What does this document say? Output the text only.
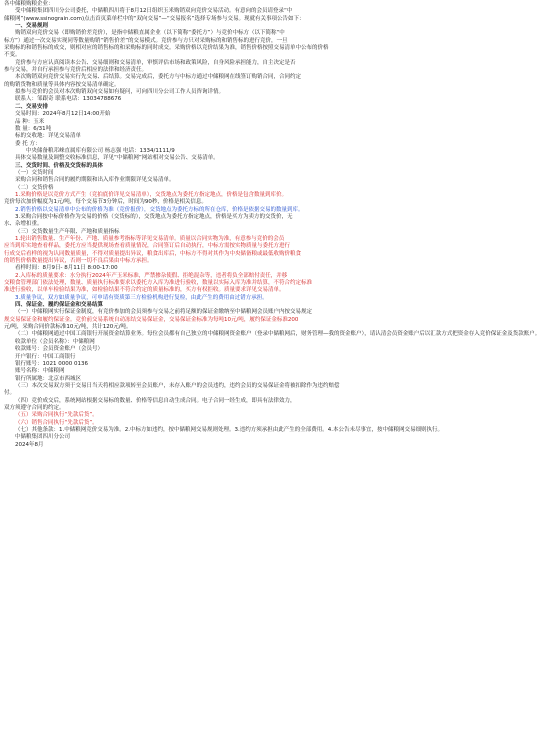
各中储粮购粮企业：

受中储粮集团四川分公司委托，中储粮四川将于8月12日组织玉米购销双向竞价交易活动。有意向的会员请登录“中

储粮网”(www.ssinograin.com)点击首页菜单栏中的“双向交易”—“交易报名”选择专场参与交易。现就有关事项公告如下：

一、交易规则

购销双向竞价交易（即购销价差竞价），是指中储粮直属企业（以下简称“委托方”）与竞价中标方（以下简称“中

标方”）通过一次交易实现同等数量购销“销售价差”的交易模式。竞价参与方只对采购标的和销售标的进行竞价，一旦

采购标的和销售标的成交，则相对应的销售标的和采购标的同时成交。采购价格以竞价结果为准，销售价格按照交易清单中公布的价格

不变。

竞价参与方应认真阅读本公告、交易细则和交易清单，审慎评估市场和政策风险，自身风险承担能力，自主决定是否

参与交易，并自行承担参与竞价后相应的法律和经济责任。

本次购销双向竞价交易实行先交易、后结算。交易完成后，委托方与中标方通过中储粮网在线签订购销合同，合同约定

的购销货物和质量等具体内容按交易清单确定。

拟参与竞价的会员对本次购销双向交易如有疑问，可向四川分公司工作人员咨询详情。

联系人：邹跟奇 联系电话：13034788676

二、交易安排

交易时间：2024年8月12日14:00开始

品 种：玉米

数 量：6/31吨

标的交收地：详见交易清单

委 托 方：

中央储备粮邛崃直属库有限公司 杨志强 电话：1334/1111/9

具体交易数量及调整交收标准信息，详见“中储粮网”网站相对交易公告、交易清单。

三、交货时间、价格及交货标的具体

（一）交货时间

采购合同和销售合同的履约期限和出入库作业期限详见交易清单。

（二）交货价格

1.采购价格是以竞价方式产生（竞拍底价详见交易清单），交货地点为委托方指定地点，价格是包含数量到库价。

竞价每次加价幅度为1元/吨，每个交易节3分钟后，时间为90秒，价格是相关信息。

2.销售价格以交易清单中公布的价格为准（竞价报价），交货地点为委托方标的所在仓库，价格是依据交易的数量到库。

3.采购合同按中标价格作为交易的价格（交货标的），交货地点为委托方指定地点，价格是买方为卖方的交货价，无

水、杂增扣重。

（三）交货数量生产年限、产地和质量指标

1.轮出销售数量、生产年份、产地、质量参考指标等详见交易清单。质量以合同实物为准，有意参与竞价的会员

应当到库实地查看样品，委托方应当提供现场查看质量情况，合同签订后自动执行，中标方需按实物质量与委托方进行

行成交后看样的视为认同数量质量，不得对质量提出异议，粮食出库后，中标方不得对其作为中央储备粮或最低收购价粮食

的销售价格数量提出异议，否则一切不良后果由中标方承担。

看样时间：8月9日- 8月11日 8:00-17:00

2.入库标的质量要求：水分执行2024年产玉米标准，严禁掺杂使假、拒绝混杂等，违者将负全部赔付责任，并移

交粮食管理部门依法处理，数量、质量执行标准要求以委托方入库为准进行验收，数量以实际入库为准并结算，不符合约定标准

准进行验收，以单车检验结果为准，如检验结果不符合约定的质量标准的，买方有权拒收。质量要求详见交易清单。

3.质量争议，双方如质量争议，可申请有资质第三方检验机构进行复检，由此产生的费用由过错方承担。

四、保证金、履约保证金和交易结算

（一）中储粮网实行保证金制度，有竞价参加的会员须参与交易之前将足额的保证金缴纳至中储粮网会员账户内按交易规定

规交易保证金和履约保证金。竞价前交易系统自动冻结交易保证金，交易保证金标准为每吨10元/吨，履约保证金标准200

元/吨，采购合同价款标准10元/吨，共计120元/吨。

（二）中储粮网通过中国工商银行开展资金结算业务。每位会员都有自己独立的中储粮网资金账户（登录中储粮网后，财务管理—我的资金账户），请认清会员资金账户后以汇款方式把资金存入竞价保证金及货款账户。

收款单位（会员名称）：中储粮网

收款账号：会员资金账户（会员号）

开户银行：中国工商银行

银行账号：1021 0000 0136

账号名称：中储粮网

银行所属地：北京市西城区

（三）本次交易双方须于交易日当天将相应款项转至会员账户，未存入账户的会员违约，违约会员的交易保证金将被扣除作为违约赔偿

付。

（四）竞价成交后，系统网站根据交易标的数量、价格等信息自动生成合同。电子合同一经生成，即具有法律效力，

双方须遵守合同的约定。

（五）采购合同执行“先款后货”。

（六）销售合同执行“先款后货”。

（七）其他条款：1.中储粮网竞价交易为准。2.中标方如违约，按中储粮网交易规则处理。3.违约方须承担由此产生的全部费用。4.本公告未尽事宜，按中储粮网交易细则执行。

中储粮集团四川分公司

2024年8月
